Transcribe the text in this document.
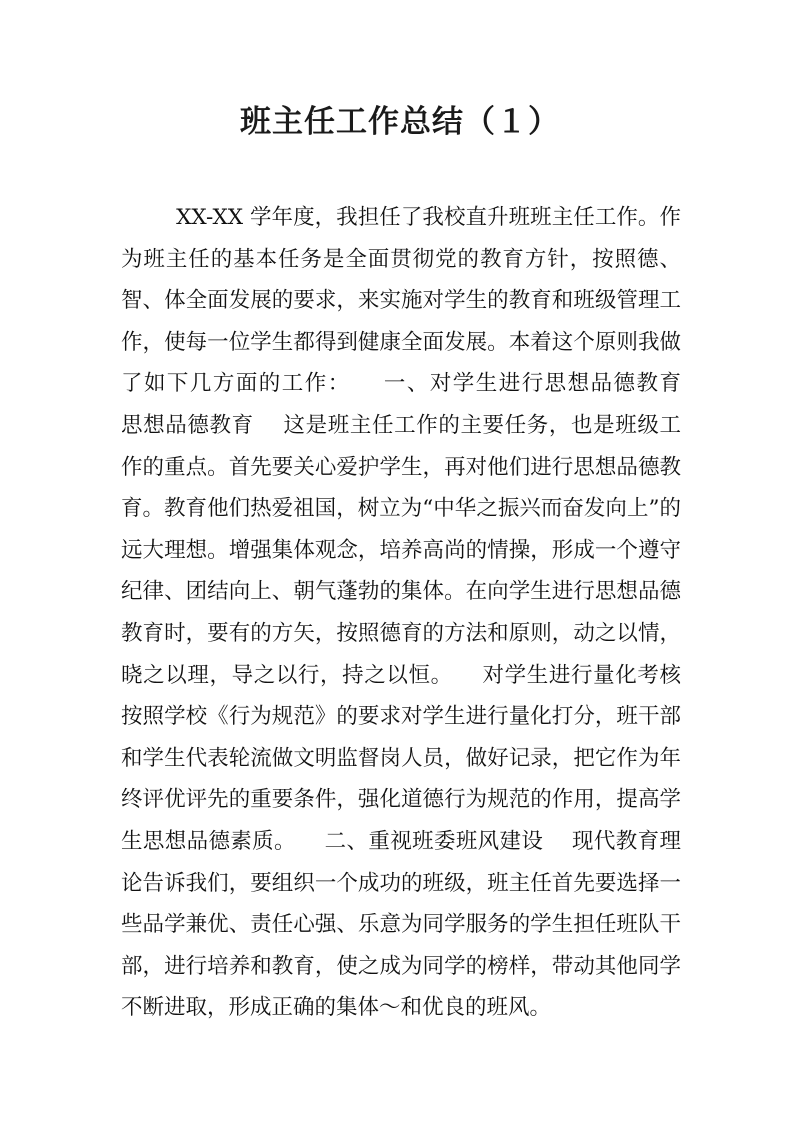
班主任工作总结（１）
XX-XX 学年度，我担任了我校直升班班主任工作。作为班主任的基本任务是全面贯彻党的教育方针，按照德、智、体全面发展的要求，来实施对学生的教育和班级管理工作，使每一位学生都得到健康全面发展。本着这个原则我做了如下几方面的工作：    一、对学生进行思想品德教育    思想品德教育    这是班主任工作的主要任务，也是班级工作的重点。首先要关心爱护学生，再对他们进行思想品德教育。教育他们热爱祖国，树立为“中华之振兴而奋发向上”的远大理想。增强集体观念，培养高尚的情操，形成一个遵守纪律、团结向上、朝气蓬勃的集体。在向学生进行思想品德教育时，要有的方矢，按照德育的方法和原则，动之以情，晓之以理，导之以行，持之以恒。    对学生进行量化考核    按照学校《行为规范》的要求对学生进行量化打分，班干部和学生代表轮流做文明监督岗人员，做好记录，把它作为年终评优评先的重要条件，强化道德行为规范的作用，提高学生思想品德素质。    二、重视班委班风建设    现代教育理论告诉我们，要组织一个成功的班级，班主任首先要选择一些品学兼优、责任心强、乐意为同学服务的学生担任班队干部，进行培养和教育，使之成为同学的榜样，带动其他同学不断进取，形成正确的集体～和优良的班风。
